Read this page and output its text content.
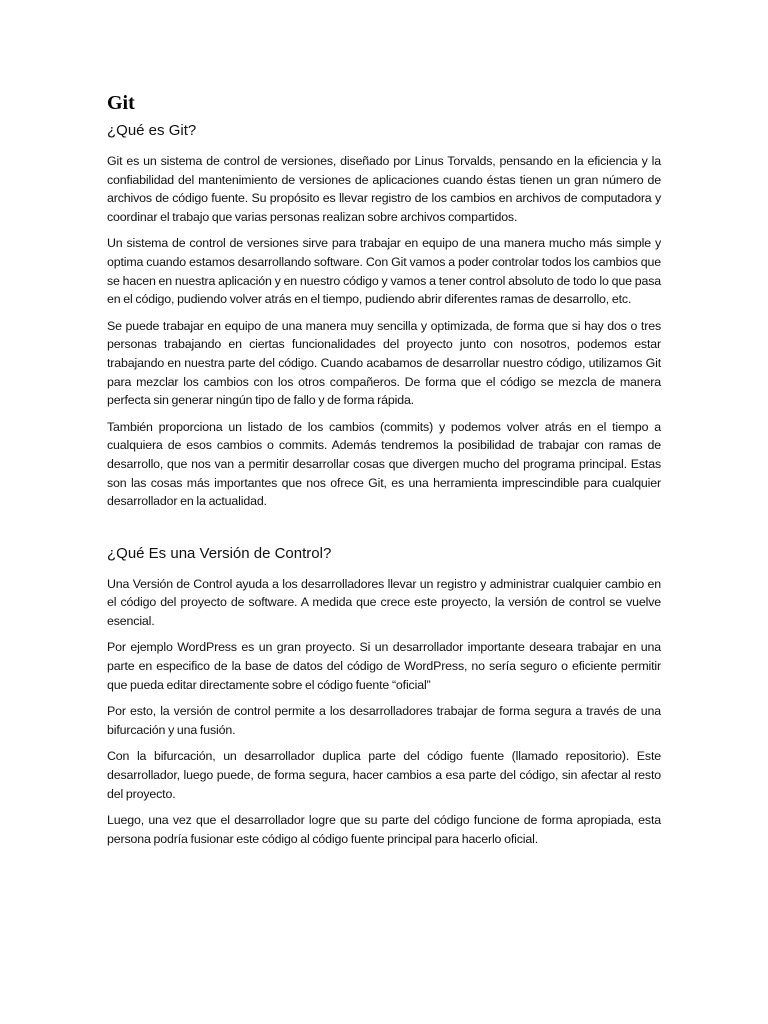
Git
¿Qué es Git?

Git es un sistema de control de versiones, diseñado por Linus Torvalds, pensando en la eficiencia y la confiabilidad del mantenimiento de versiones de aplicaciones cuando éstas tienen un gran número de archivos de código fuente. Su propósito es llevar registro de los cambios en archivos de computadora y coordinar el trabajo que varias personas realizan sobre archivos compartidos.

Un sistema de control de versiones sirve para trabajar en equipo de una manera mucho más simple y optima cuando estamos desarrollando software. Con Git vamos a poder controlar todos los cambios que se hacen en nuestra aplicación y en nuestro código y vamos a tener control absoluto de todo lo que pasa en el código, pudiendo volver atrás en el tiempo, pudiendo abrir diferentes ramas de desarrollo, etc.

Se puede trabajar en equipo de una manera muy sencilla y optimizada, de forma que si hay dos o tres personas trabajando en ciertas funcionalidades del proyecto junto con nosotros, podemos estar trabajando en nuestra parte del código. Cuando acabamos de desarrollar nuestro código, utilizamos Git para mezclar los cambios con los otros compañeros. De forma que el código se mezcla de manera perfecta sin generar ningún tipo de fallo y de forma rápida.

También proporciona un listado de los cambios (commits) y podemos volver atrás en el tiempo a cualquiera de esos cambios o commits. Además tendremos la posibilidad de trabajar con ramas de desarrollo, que nos van a permitir desarrollar cosas que divergen mucho del programa principal. Estas son las cosas más importantes que nos ofrece Git, es una herramienta imprescindible para cualquier desarrollador en la actualidad.

¿Qué Es una Versión de Control?

Una Versión de Control ayuda a los desarrolladores llevar un registro y administrar cualquier cambio en el código del proyecto de software. A medida que crece este proyecto, la versión de control se vuelve esencial.

Por ejemplo WordPress es un gran proyecto. Si un desarrollador importante deseara trabajar en una parte en especifico de la base de datos del código de WordPress, no sería seguro o eficiente permitir que pueda editar directamente sobre el código fuente “oficial”

Por esto, la versión de control permite a los desarrolladores trabajar de forma segura a través de una bifurcación y una fusión.

Con la bifurcación, un desarrollador duplica parte del código fuente (llamado repositorio). Este desarrollador, luego puede, de forma segura, hacer cambios a esa parte del código, sin afectar al resto del proyecto.

Luego, una vez que el desarrollador logre que su parte del código funcione de forma apropiada, esta persona podría fusionar este código al código fuente principal para hacerlo oficial.
